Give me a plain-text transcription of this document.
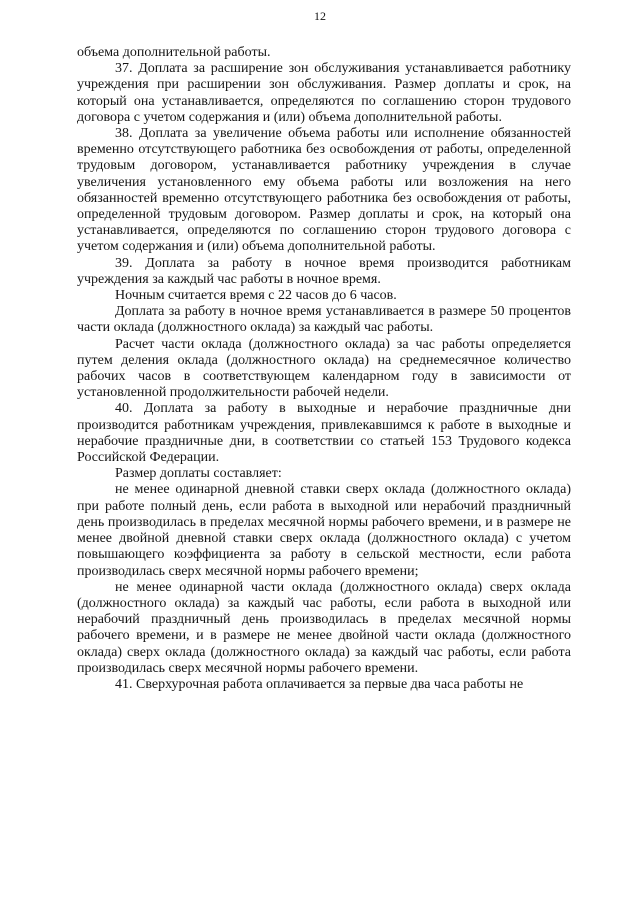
12

объема дополнительной работы.

37. Доплата за расширение зон обслуживания устанавливается работнику учреждения при расширении зон обслуживания. Размер доплаты и срок, на который она устанавливается, определяются по соглашению сторон трудового договора с учетом содержания и (или) объема дополнительной работы.

38. Доплата за увеличение объема работы или исполнение обязанностей временно отсутствующего работника без освобождения от работы, определенной трудовым договором, устанавливается работнику учреждения в случае увеличения установленного ему объема работы или возложения на него обязанностей временно отсутствующего работника без освобождения от работы, определенной трудовым договором. Размер доплаты и срок, на который она устанавливается, определяются по соглашению сторон трудового договора с учетом содержания и (или) объема дополнительной работы.

39. Доплата за работу в ночное время производится работникам учреждения за каждый час работы в ночное время.

Ночным считается время с 22 часов до 6 часов.

Доплата за работу в ночное время устанавливается в размере 50 процентов части оклада (должностного оклада) за каждый час работы.

Расчет части оклада (должностного оклада) за час работы определяется путем деления оклада (должностного оклада) на среднемесячное количество рабочих часов в соответствующем календарном году в зависимости от установленной продолжительности рабочей недели.

40. Доплата за работу в выходные и нерабочие праздничные дни производится работникам учреждения, привлекавшимся к работе в выходные и нерабочие праздничные дни, в соответствии со статьей 153 Трудового кодекса Российской Федерации.

Размер доплаты составляет:

не менее одинарной дневной ставки сверх оклада (должностного оклада) при работе полный день, если работа в выходной или нерабочий праздничный день производилась в пределах месячной нормы рабочего времени, и в размере не менее двойной дневной ставки сверх оклада (должностного оклада) с учетом повышающего коэффициента за работу в сельской местности, если работа производилась сверх месячной нормы рабочего времени;

не менее одинарной части оклада (должностного оклада) сверх оклада (должностного оклада) за каждый час работы, если работа в выходной или нерабочий праздничный день производилась в пределах месячной нормы рабочего времени, и в размере не менее двойной части оклада (должностного оклада) сверх оклада (должностного оклада) за каждый час работы, если работа производилась сверх месячной нормы рабочего времени.

41. Сверхурочная работа оплачивается за первые два часа работы не
